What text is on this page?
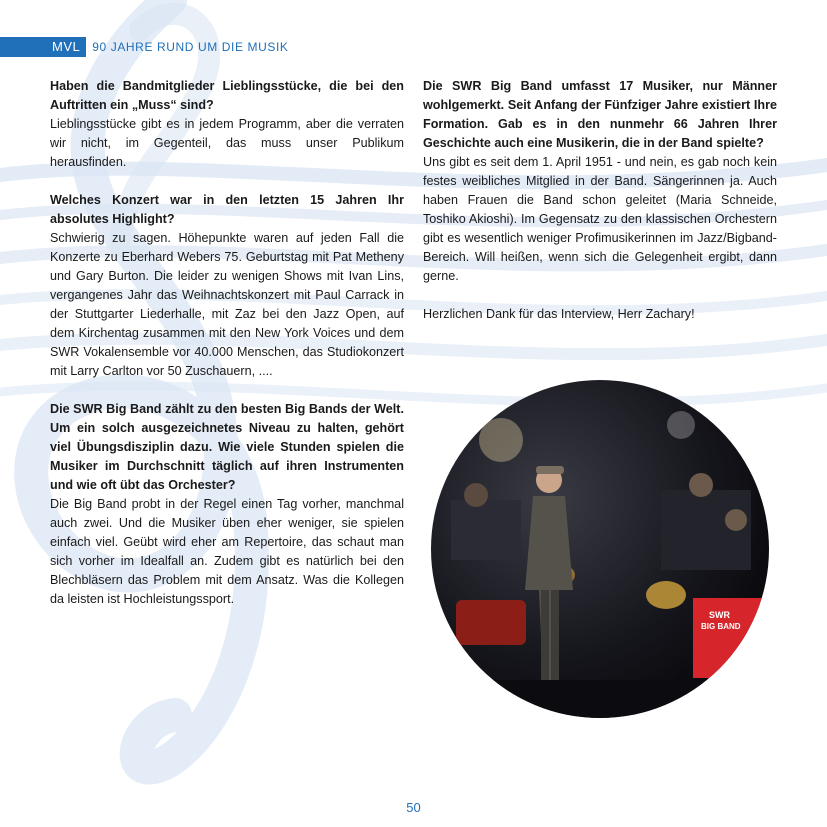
MVL	90 JAHRE RUND UM DIE MUSIK

Haben die Bandmitglieder Lieblingsstücke, die bei den Auftritten ein „Muss“ sind?

Lieblingsstücke gibt es in jedem Programm, aber die verraten wir nicht, im Gegenteil, das muss unser Publikum herausfinden.

Welches Konzert war in den letzten 15 Jahren Ihr absolutes Highlight?

Schwierig zu sagen. Höhepunkte waren auf jeden Fall die Konzerte zu Eberhard Webers 75. Geburtstag mit Pat Metheny und Gary Burton. Die leider zu wenigen Shows mit Ivan Lins, vergangenes Jahr das Weihnachtskonzert mit Paul Carrack in der Stuttgarter Liederhalle, mit Zaz bei den Jazz Open, auf dem Kirchentag zusammen mit den New York Voices und dem SWR Vokalensemble vor 40.000 Menschen, das Studiokonzert mit Larry Carlton vor 50 Zuschauern, ....

Die SWR Big Band zählt zu den besten Big Bands der Welt. Um ein solch ausgezeichnetes Niveau zu halten, gehört viel Übungsdisziplin dazu. Wie viele Stunden spielen die Musiker im Durchschnitt täglich auf ihren Instrumenten und wie oft übt das Orchester?

Die Big Band probt in der Regel einen Tag vorher, manchmal auch zwei. Und die Musiker üben eher weniger, sie spielen einfach viel. Geübt wird eher am Repertoire, das schaut man sich vorher im Idealfall an. Zudem gibt es natürlich bei den Blechbläsern das Problem mit dem Ansatz. Was die Kollegen da leisten ist Hochleistungssport.

Die SWR Big Band umfasst 17 Musiker, nur Männer wohlgemerkt. Seit Anfang der Fünfziger Jahre existiert Ihre Formation. Gab es in den nunmehr 66 Jahren Ihrer Geschichte auch eine Musikerin, die in der Band spielte?

Uns gibt es seit dem 1. April 1951 - und nein, es gab noch kein festes weibliches Mitglied in der Band. Sängerinnen ja. Auch haben Frauen die Band schon geleitet (Maria Schneide, Toshiko Akioshi). Im Gegensatz zu den klassischen Orchestern gibt es wesentlich weniger Profimusikerinnen im Jazz/Bigband-Bereich. Will heißen, wenn sich die Gelegenheit ergibt, dann gerne.

Herzlichen Dank für das Interview, Herr Zachary!

SWR
BIG BAND
50
